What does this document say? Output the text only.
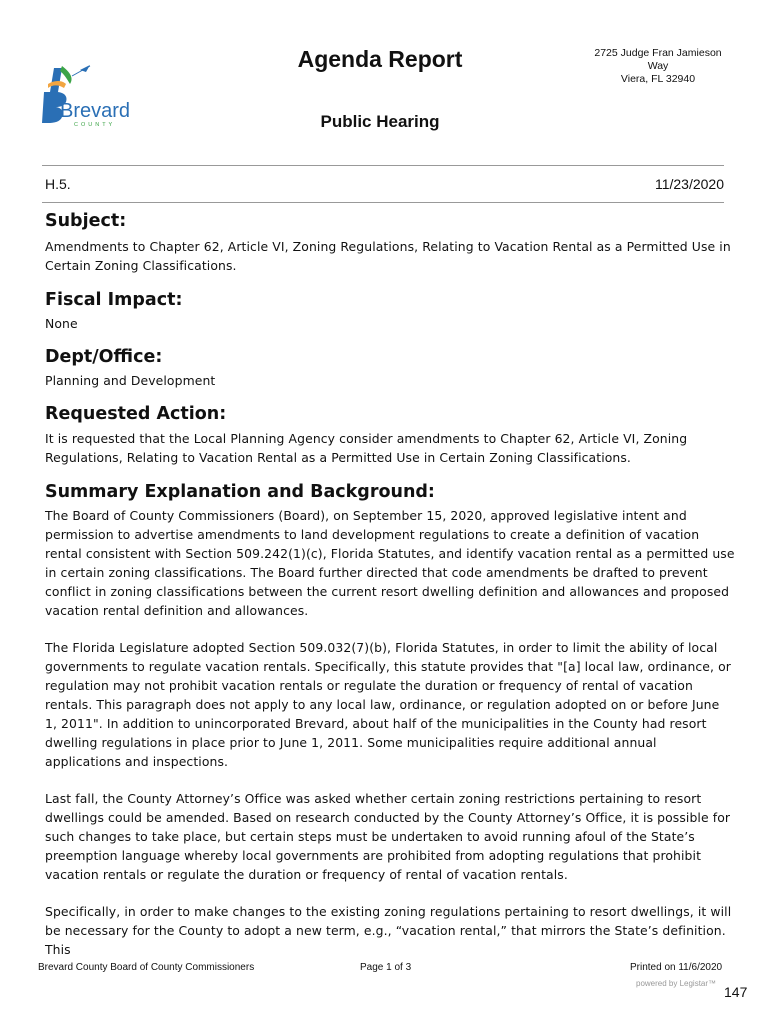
Brevard
COUNTY
Agenda Report	2725 Judge Fran Jamieson
Way
Viera, FL 32940
Public Hearing
H.5.	11/23/2020
Subject:
Amendments to Chapter 62, Article VI, Zoning Regulations, Relating to Vacation Rental as a Permitted Use in Certain Zoning Classifications.
Fiscal Impact:
None
Dept/Office:
Planning and Development
Requested Action:
It is requested that the Local Planning Agency consider amendments to Chapter 62, Article VI, Zoning Regulations, Relating to Vacation Rental as a Permitted Use in Certain Zoning Classifications.
Summary Explanation and Background:
The Board of County Commissioners (Board), on September 15, 2020, approved legislative intent and permission to advertise amendments to land development regulations to create a definition of vacation rental consistent with Section 509.242(1)(c), Florida Statutes, and identify vacation rental as a permitted use in certain zoning classifications. The Board further directed that code amendments be drafted to prevent conflict in zoning classifications between the current resort dwelling definition and allowances and proposed vacation rental definition and allowances.
The Florida Legislature adopted Section 509.032(7)(b), Florida Statutes, in order to limit the ability of local governments to regulate vacation rentals. Specifically, this statute provides that "[a] local law, ordinance, or regulation may not prohibit vacation rentals or regulate the duration or frequency of rental of vacation rentals. This paragraph does not apply to any local law, ordinance, or regulation adopted on or before June 1, 2011". In addition to unincorporated Brevard, about half of the municipalities in the County had resort dwelling regulations in place prior to June 1, 2011. Some municipalities require additional annual applications and inspections.
Last fall, the County Attorney’s Office was asked whether certain zoning restrictions pertaining to resort dwellings could be amended. Based on research conducted by the County Attorney’s Office, it is possible for such changes to take place, but certain steps must be undertaken to avoid running afoul of the State’s preemption language whereby local governments are prohibited from adopting regulations that prohibit vacation rentals or regulate the duration or frequency of rental of vacation rentals.
Specifically, in order to make changes to the existing zoning regulations pertaining to resort dwellings, it will be necessary for the County to adopt a new term, e.g., “vacation rental,” that mirrors the State’s definition. This
Brevard County Board of County Commissioners	Page 1 of 3	Printed on 11/6/2020
powered by Legistar™
147
